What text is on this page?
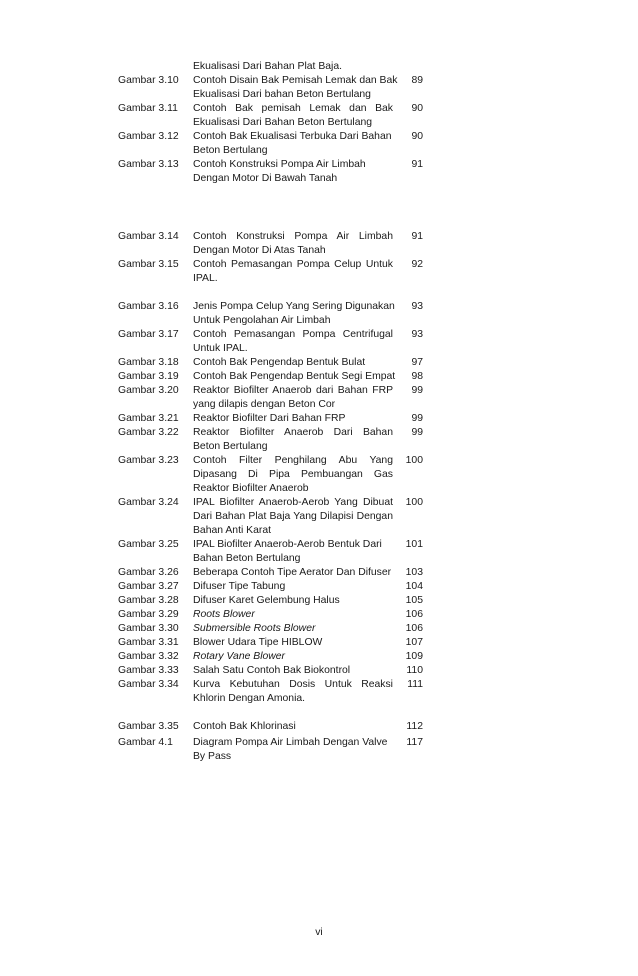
Ekualisasi Dari Bahan Plat Baja.
Gambar 3.10 Contoh Disain Bak Pemisah Lemak dan Bak
Ekualisasi Dari bahan Beton Bertulang
89
Gambar 3.11 Contoh Bak pemisah Lemak dan Bak
Ekualisasi Dari Bahan Beton Bertulang
90
Gambar 3.12 Contoh Bak Ekualisasi Terbuka Dari Bahan
Beton Bertulang
90
Gambar 3.13 Contoh Konstruksi Pompa Air Limbah
Dengan Motor Di Bawah Tanah
91
Gambar 3.14 Contoh Konstruksi Pompa Air Limbah
Dengan Motor Di Atas Tanah
91
Gambar 3.15 Contoh Pemasangan Pompa Celup Untuk
IPAL.
92
Gambar 3.16 Jenis Pompa Celup Yang Sering Digunakan
Untuk Pengolahan Air Limbah
93
Gambar 3.17 Contoh Pemasangan Pompa Centrifugal
Untuk IPAL.
93
Gambar 3.18 Contoh Bak Pengendap Bentuk Bulat	97
Gambar 3.19 Contoh Bak Pengendap Bentuk Segi Empat 98
Gambar 3.20 Reaktor Biofilter Anaerob dari Bahan FRP
yang dilapis dengan Beton Cor
99
Gambar 3.21 Reaktor Biofilter Dari Bahan FRP	99
Gambar 3.22 Reaktor Biofilter Anaerob Dari Bahan
Beton Bertulang
99
Gambar 3.23 Contoh Filter Penghilang Abu Yang
Dipasang Di Pipa Pembuangan Gas
Reaktor Biofilter Anaerob
100
Gambar 3.24 IPAL Biofilter Anaerob-Aerob Yang Dibuat
Dari Bahan Plat Baja Yang Dilapisi Dengan
Bahan Anti Karat
100
Gambar 3.25 IPAL Biofilter Anaerob-Aerob Bentuk Dari
Bahan Beton Bertulang
101
Gambar 3.26 Beberapa Contoh Tipe Aerator Dan Difuser 103
Gambar 3.27 Difuser Tipe Tabung	104
Gambar 3.28 Difuser Karet Gelembung Halus	105
Gambar 3.29 Roots Blower	106
Gambar 3.30 Submersible Roots Blower	106
Gambar 3.31 Blower Udara Tipe HIBLOW	107
Gambar 3.32 Rotary Vane Blower	109
Gambar 3.33 Salah Satu Contoh Bak Biokontrol	110
Gambar 3.34 Kurva Kebutuhan Dosis Untuk Reaksi
Khlorin Dengan Amonia.
111
Gambar 3.35 Contoh Bak Khlorinasi	112
Gambar 4.1 Diagram Pompa Air Limbah Dengan Valve
By Pass
117
vi
